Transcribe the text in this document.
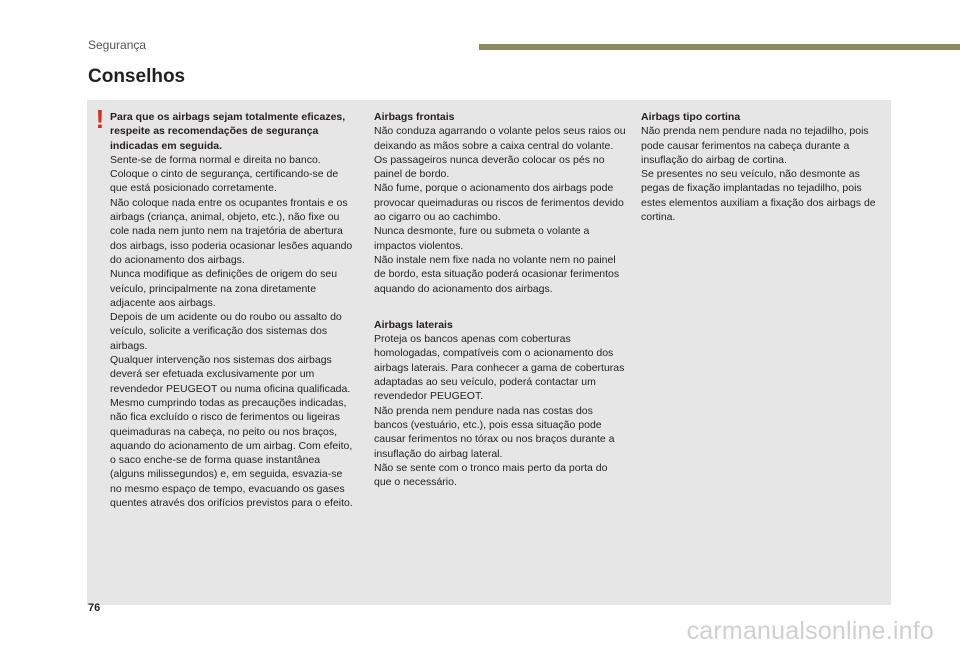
Segurança
Conselhos
! Para que os airbags sejam totalmente eficazes, respeite as recomendações de segurança indicadas em seguida.

Sente-se de forma normal e direita no banco.
Coloque o cinto de segurança, certificando-se de que está posicionado corretamente.
Não coloque nada entre os ocupantes frontais e os airbags (criança, animal, objeto, etc.), não fixe ou cole nada nem junto nem na trajetória de abertura dos airbags, isso poderia ocasionar lesões aquando do acionamento dos airbags.
Nunca modifique as definições de origem do seu veículo, principalmente na zona diretamente adjacente aos airbags.
Depois de um acidente ou do roubo ou assalto do veículo, solicite a verificação dos sistemas dos airbags.
Qualquer intervenção nos sistemas dos airbags deverá ser efetuada exclusivamente por um revendedor PEUGEOT ou numa oficina qualificada.
Mesmo cumprindo todas as precauções indicadas, não fica excluído o risco de ferimentos ou ligeiras queimaduras na cabeça, no peito ou nos braços, aquando do acionamento de um airbag. Com efeito, o saco enche-se de forma quase instantânea (alguns milissegundos) e, em seguida, esvazia-se no mesmo espaço de tempo, evacuando os gases quentes através dos orifícios previstos para o efeito.

Airbags frontais

Não conduza agarrando o volante pelos seus raios ou deixando as mãos sobre a caixa central do volante.
Os passageiros nunca deverão colocar os pés no painel de bordo.
Não fume, porque o acionamento dos airbags pode provocar queimaduras ou riscos de ferimentos devido ao cigarro ou ao cachimbo.
Nunca desmonte, fure ou submeta o volante a impactos violentos.
Não instale nem fixe nada no volante nem no painel de bordo, esta situação poderá ocasionar ferimentos aquando do acionamento dos airbags.

Airbags laterais

Proteja os bancos apenas com coberturas homologadas, compatíveis com o acionamento dos airbags laterais. Para conhecer a gama de coberturas adaptadas ao seu veículo, poderá contactar um revendedor PEUGEOT.
Não prenda nem pendure nada nas costas dos bancos (vestuário, etc.), pois essa situação pode causar ferimentos no tórax ou nos braços durante a insuflação do airbag lateral.
Não se sente com o tronco mais perto da porta do que o necessário.

Airbags tipo cortina

Não prenda nem pendure nada no tejadilho, pois pode causar ferimentos na cabeça durante a insuflação do airbag de cortina.
Se presentes no seu veículo, não desmonte as pegas de fixação implantadas no tejadilho, pois estes elementos auxiliam a fixação dos airbags de cortina.

76
carmanualsonline.info
